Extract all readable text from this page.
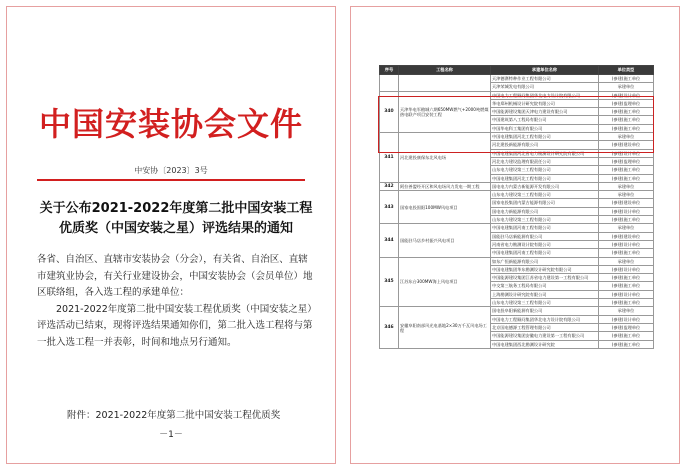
中国安装协会文件
中安协〔2023〕3号
关于公布2021-2022年度第二批中国安装工程优质奖（中国安装之星）评选结果的通知

各省、自治区、直辖市安装协会（分会），有关省、自治区、直辖市建筑业协会，有关行业建设协会，中国安装协会（会员单位）地区联络组，各入选工程的承建单位：

2021-2022年度第二批中国安装工程优质奖（中国安装之星）评选活动已结束，现将评选结果通知你们，第二批入选工程将与第一批入选工程一并表彰，时间和地点另行通知。

附件：2021-2022年度第二批中国安装工程优质奖
－1－
序号	工程名称	承建单位名称	单位类型
		天津德赛特种作业工程有限公司	(参建)施工单位
		天津荣城发电有限公司	承建单位
340	天津华电军粮城六期650MW燃气+2000吨燃煤热电联产项目安装工程	中国电力工程顾问集团华北电力设计院有限公司	(参建)设计单位
		华电郑州机械设计研究院有限公司	(参建)监理单位
		中国能源建设集团天津电力建设有限公司	(参建)施工单位
		中国建筑第八工程局有限公司	(参建)施工单位
		中国华电科工集团有限公司	(参建)施工单位
341	河北建投康保东北风电场	中国电建集团河北工程有限公司	承建单位
		河北建投新能源有限公司	(参建)建设单位
		中国电建集团河北省电力勘测设计研究院有限公司	(参建)设计单位
		河北电力建设监理有限责任公司	(参建)监理单位
		山东电力建设第三工程有限公司	(参建)施工单位
		中国电建集团河北工程有限公司	(参建)施工单位
342	阿拉善盟经开区和风电场风力发电一期工程	国电电力内蒙古新能源开发有限公司	承建单位
343	国家电投固阳100MW风电项目	山东电力建设第三工程有限公司	承建单位
		国家电投集团内蒙古能源有限公司	(参建)建设单位
		国电电力新能源有限公司	(参建)设计单位
		山东电力建设第三工程有限公司	(参建)施工单位
344	国能驻马店乡村振兴风电项目	中国电建集团河南工程有限公司	承建单位
		国能驻马店新能源有限公司	(参建)建设单位
		河南省电力勘测设计院有限公司	(参建)设计单位
		中国电建集团河南工程有限公司	(参建)施工单位
345	江苏东台300MW海上风电项目	如东广恒新能源有限公司	承建单位
		中国电建集团华东勘测设计研究院有限公司	(参建)设计单位
		中国能源建设集团江苏省电力建设第一工程有限公司	(参建)施工单位
		中交第三航务工程局有限公司	(参建)施工单位
		上海勘测设计研究院有限公司	(参建)设计单位
		山东电力建设第三工程有限公司	(参建)施工单位
346	安徽阜阳南部风光电基地2×30万千瓦风电场工程	国电投阜阳新能源有限公司	承建单位
		中国电力工程顾问集团华北电力设计院有限公司	(参建)设计单位
		北京国电德源工程管理有限公司	(参建)监理单位
		中国能源建设集团安徽电力建设第一工程有限公司	(参建)施工单位
		中国电建集团西北勘测设计研究院	(参建)施工单位
